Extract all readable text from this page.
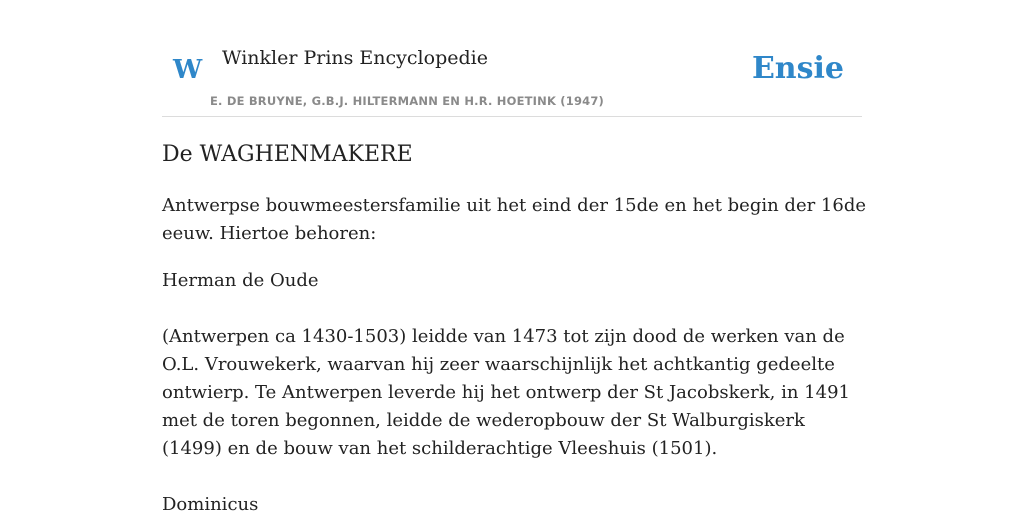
W Winkler Prins Encyclopedie
E. DE BRUYNE, G.B.J. HILTERMANN EN H.R. HOETINK (1947)
Ensie
De WAGHENMAKERE

Antwerpse bouwmeestersfamilie uit het eind der 15de en het begin der 16de eeuw. Hiertoe behoren:

Herman de Oude

(Antwerpen ca 1430-1503) leidde van 1473 tot zijn dood de werken van de O.L. Vrouwekerk, waarvan hij zeer waarschijnlijk het achtkantig gedeelte ontwierp. Te Antwerpen leverde hij het ontwerp der St Jacobskerk, in 1491 met de toren begonnen, leidde de wederopbouw der St Walburgiskerk (1499) en de bouw van het schilderachtige Vleeshuis (1501).

Dominicus
